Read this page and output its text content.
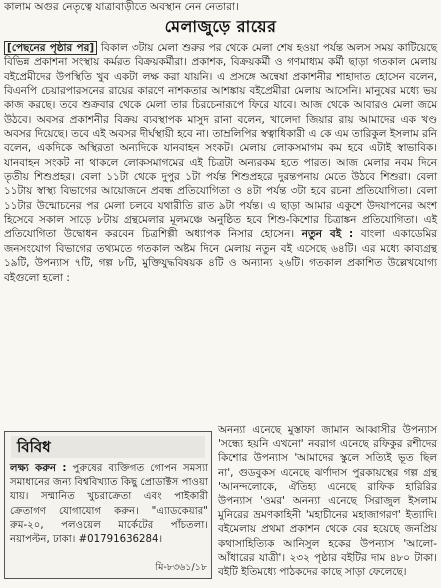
কালাম অগুর নেতৃত্বে যাত্রাবাড়ীতে অবস্থান নেন নেতারা।
মেলাজুড়ে রায়ের

[পেছনের পৃষ্ঠার পর] বিকাল ৩টায় মেলা শুরুর পর থেকে মেলা শেষ হওয়া পর্যন্ত অলস সময় কাটিয়েছে বিভিন্ন প্রকাশনা সংস্থায় কর্মরত বিক্রয়কর্মীরা। প্রকাশক, বিক্রয়কর্মী ও গণমাধ্যম কর্মী ছাড়া গতকাল মেলায় বইপ্রেমীদের উপস্থিতি খুব একটা লক্ষ করা যায়নি। এ প্রসঙ্গে অন্বেষা প্রকাশনীর শাহাদাত হোসেন বলেন, বিএনপি চেয়ারপারসনের রায়ের কারণে নাশকতার আশঙ্কায় বইপ্রেমীরা মেলায় আসেনি। মানুষের মধ্যে ভয় কাজ করছে। তবে শুক্রবার থেকে মেলা তার চিরচেনারূপে ফিরে যাবে। আজ থেকে আবারও মেলা জমে উঠবে। অবসর প্রকাশনীর বিক্রয় ব্যবস্থাপক মাসুদ রানা বলেন, খালেদা জিয়ার রায় আমাদের এক খণ্ড অবসর দিয়েছে। তবে এই অবসর দীর্ঘস্থায়ী হবে না। তাম্রলিপির স্বত্বাধিকারী এ কে এম তারিকুল ইসলাম রনি বলেন, একদিকে অস্থিরতা অন্যদিকে যানবাহন সংকট। মেলায় লোকসমাগম কম হবে এটাই স্বাভাবিক। যানবাহন সংকট না থাকলে লোকসমাগমের এই চিত্রটা অন্যরকম হতে পারত। আজ মেলার নবম দিনে তৃতীয় শিশুপ্রহর। বেলা ১১টা থেকে দুপুর ১টা পর্যন্ত শিশুপ্রহরে দুরন্তপনায় মেতে উঠবে শিশুরা। বেলা ১১টায় স্বাস্থ্য বিভাগের আয়োজনে প্রবন্ধ প্রতিযোগিতা ও ৪টা পর্যন্ত ৩টা হবে রচনা প্রতিযোগিতা। বেলা ১১টার উন্মোচনের পর মেলা চলবে যথারীতি রাত ৯টা পর্যন্ত। এ ছাড়া আমার একুশে উদযাপনের অংশ হিসেবে সকাল সাড়ে ৮টায় গ্রন্থমেলার মূলমঞ্চে অনুষ্ঠিত হবে শিশু-কিশোর চিত্রাঙ্কন প্রতিযোগিতা। এই প্রতিযোগিতা উদ্বোধন করবেন চিত্রশিল্পী অধ্যাপক নিসার হোসেন। নতুন বই : বাংলা একাডেমির জনসংযোগ বিভাগের তথ্যমতে গতকাল অষ্টম দিনে মেলায় নতুন বই এসেছে ৬৪টি। এর মধ্যে কাব্যগ্রন্থ ১৯টি, উপন্যাস ৭টি, গল্প ৮টি, মুক্তিযুদ্ধবিষয়ক ৪টি ও অন্যান্য ২৬টি। গতকাল প্রকাশিত উল্লেখযোগ্য বইগুলো হলো :

বিবিধ

লক্ষ্য করুন : পুরুষের ব্যক্তিগত গোপন সমস্যা সমাধানের জন্য বিশ্ববিখ্যাত কিছু প্রোডাক্টস পাওয়া যায়। সম্মানিত খুচরাক্রেতা এবং পাইকারী ক্রেতাগণ যোগাযোগ করুন। "এ্যাডকেয়ার" রুম-২০, পলওয়েল মার্কেটের পাঁচতলা। নয়াপল্টন, ঢাকা। #01791636284।

মি-৮৩৬১/১৮

অনন্যা এনেছে মুস্তাফা জামান আব্বাসীর উপন্যাস 'সন্ধ্যে হয়নি এখনো' নবরাগ এনেছে রফিকুর রশীদের কিশোর উপন্যাস 'আমাদের স্কুলে সত্যিই ভূত ছিল না', গুডবুকস এনেছে ঝর্ণাদাস পুরকায়স্থের গল্প গ্রন্থ 'আনন্দলোকে, ঐতিহ্য এনেছে রাফিক হারিরির উপন্যাস 'ওমর' অনন্যা এনেছে সিরাজুল ইসলাম মুনিরের ভ্রমণকাহিনী 'মহাচীনের মহাজাগরণ' ইত্যাদি। বইমেলায় প্রথমা প্রকাশন থেকে বের হয়েছে জনপ্রিয় কথাসাহিত্যিক আনিসুল হকের উপন্যাস 'আলো-আঁধারের যাত্রী'। ২৩২ পৃষ্ঠার বইটির দাম ৪৮০ টাকা। বইটি ইতিমধ্যে পাঠকদের কাছে সাড়া ফেলেছে।
